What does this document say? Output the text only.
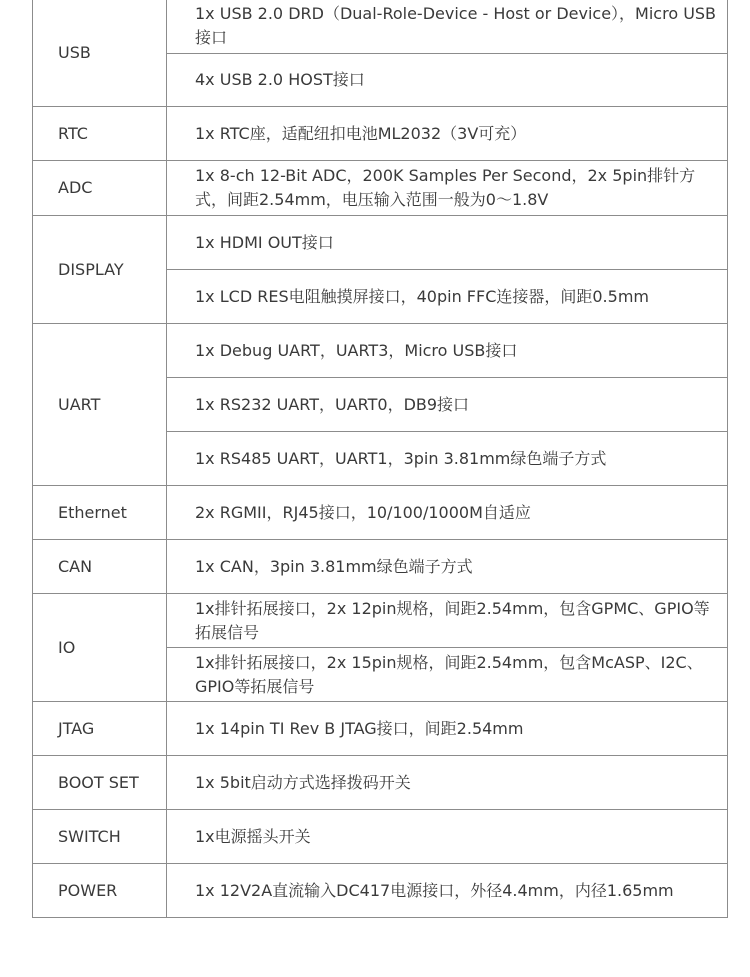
USB	1x USB 2.0 DRD（Dual-Role-Device - Host or Device），Micro USB接口
	4x USB 2.0 HOST接口
RTC	1x RTC座，适配纽扣电池ML2032（3V可充）
ADC	1x 8-ch 12-Bit ADC，200K Samples Per Second，2x 5pin排针方式，间距2.54mm，电压输入范围一般为0～1.8V
DISPLAY	1x HDMI OUT接口
	1x LCD RES电阻触摸屏接口，40pin FFC连接器，间距0.5mm
UART	1x Debug UART，UART3，Micro USB接口
	1x RS232 UART，UART0，DB9接口
	1x RS485 UART，UART1，3pin 3.81mm绿色端子方式
Ethernet	2x RGMII，RJ45接口，10/100/1000M自适应
CAN	1x CAN，3pin 3.81mm绿色端子方式
IO	1x排针拓展接口，2x 12pin规格，间距2.54mm，包含GPMC、GPIO等拓展信号
	1x排针拓展接口，2x 15pin规格，间距2.54mm，包含McASP、I2C、GPIO等拓展信号
JTAG	1x 14pin TI Rev B JTAG接口，间距2.54mm
BOOT SET	1x 5bit启动方式选择拨码开关
SWITCH	1x电源摇头开关
POWER	1x 12V2A直流输入DC417电源接口，外径4.4mm，内径1.65mm
